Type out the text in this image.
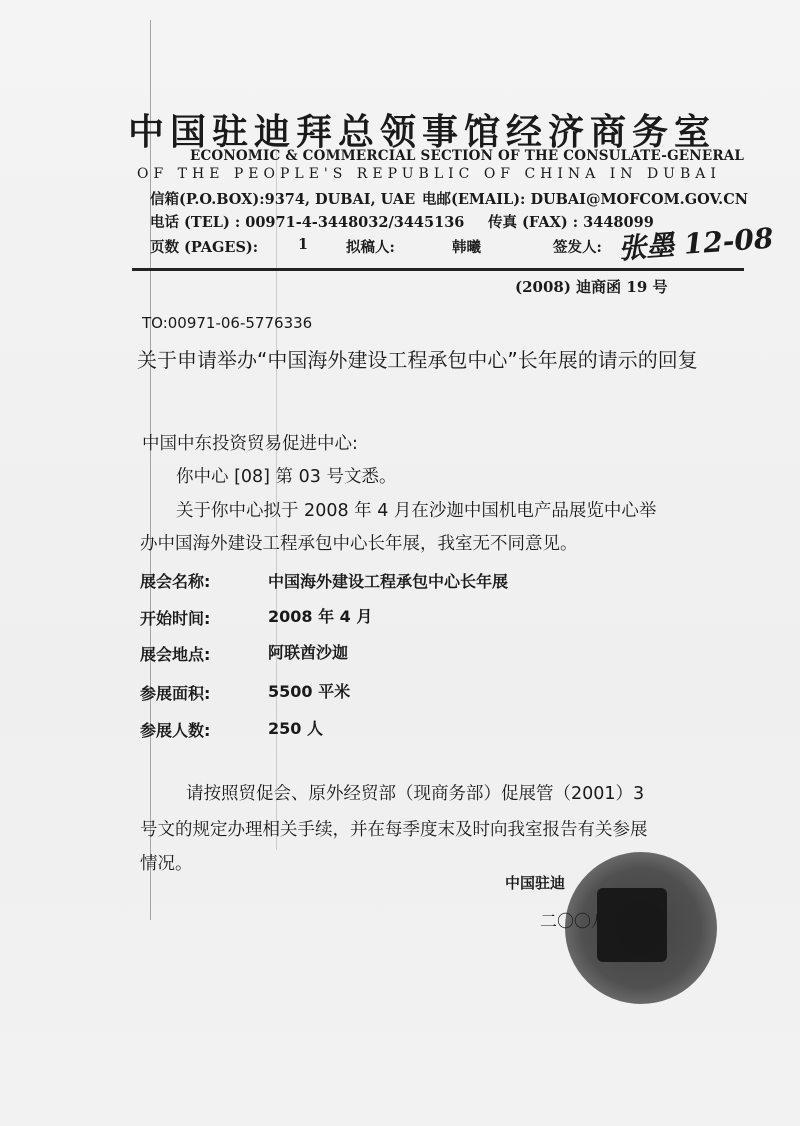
中国驻迪拜总领事馆经济商务室
ECONOMIC & COMMERCIAL SECTION OF THE CONSULATE-GENERAL
OF THE PEOPLE'S REPUBLIC OF CHINA IN DUBAI
信箱(P.O.BOX):9374, DUBAI, UAE 电邮(EMAIL): DUBAI@MOFCOM.GOV.CN
电话 (TEL) : 00971-4-3448032/3445136 传真 (FAX) : 3448099
页数 (PAGES):	1	拟稿人:	韩曦	签发人: 张墨 12-08
(2008) 迪商函 19 号
TO:00971-06-5776336
关于申请举办“中国海外建设工程承包中心”长年展的请示的回复
中国中东投资贸易促进中心:
你中心 [08] 第 03 号文悉。
关于你中心拟于 2008 年 4 月在沙迦中国机电产品展览中心举
办中国海外建设工程承包中心长年展，我室无不同意见。
展会名称:	中国海外建设工程承包中心长年展
开始时间:	2008 年 4 月
展会地点:	阿联酋沙迦
参展面积:	5500 平米
参展人数:	250 人
请按照贸促会、原外经贸部（现商务部）促展管（2001）3
号文的规定办理相关手续，并在每季度末及时向我室报告有关参展
情况。
中国驻迪
二〇〇八
